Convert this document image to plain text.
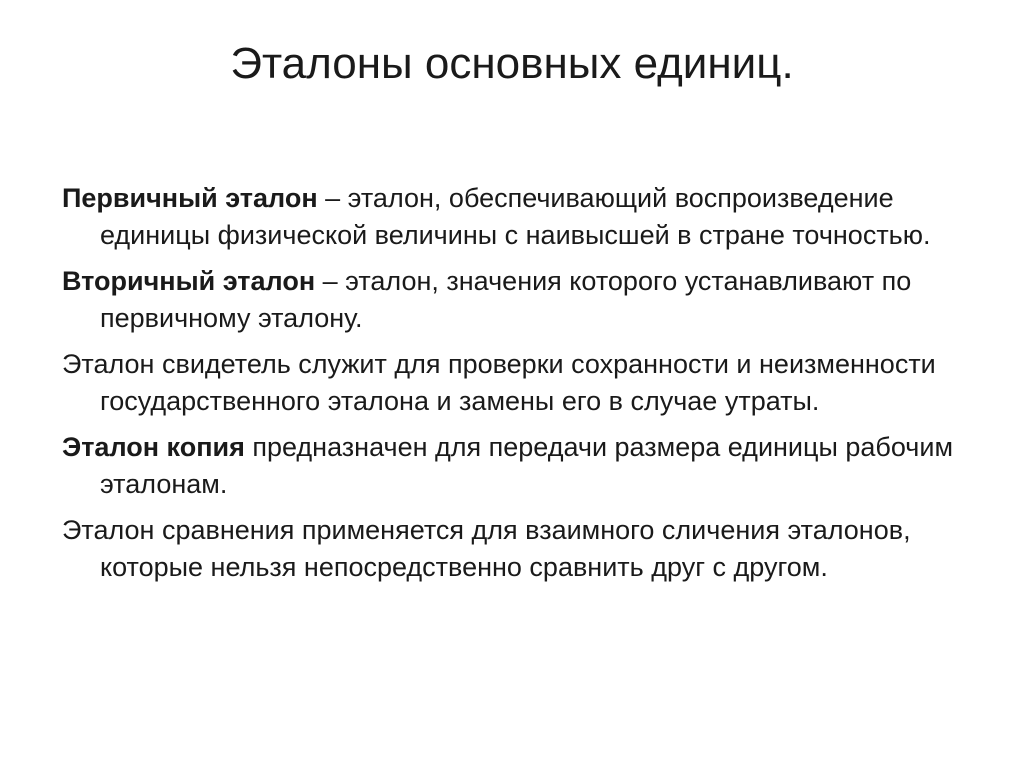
Эталоны основных единиц.

Первичный эталон – эталон, обеспечивающий воспроизведение единицы физической величины с наивысшей в стране точностью.

Вторичный эталон – эталон, значения которого устанавливают по первичному эталону.

Эталон свидетель служит для проверки сохранности и неизменности государственного эталона и замены его в случае утраты.

Эталон копия предназначен для передачи размера единицы рабочим эталонам.

Эталон сравнения применяется для взаимного сличения эталонов, которые нельзя непосредственно сравнить друг с другом.
